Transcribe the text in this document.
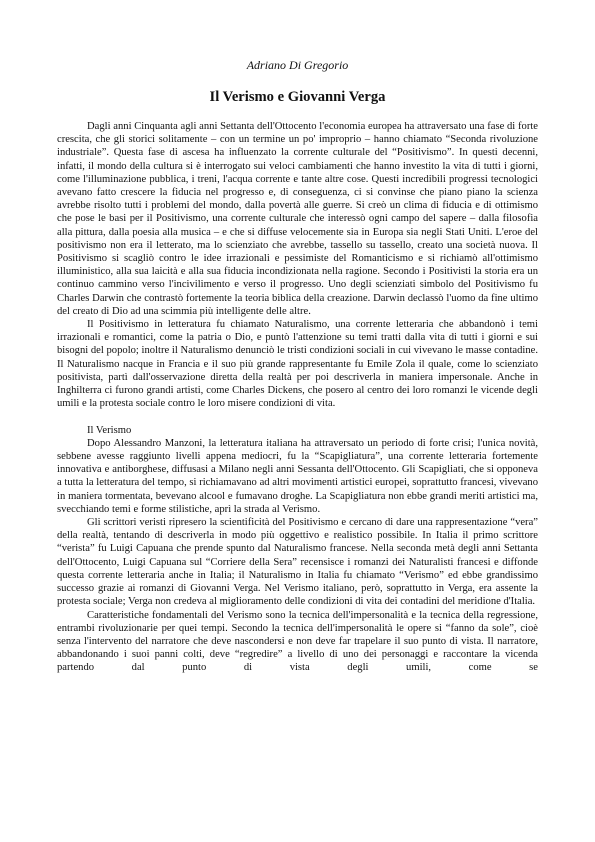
Adriano Di Gregorio

Il Verismo e Giovanni Verga

Dagli anni Cinquanta agli anni Settanta dell'Ottocento l'economia europea ha attraversato una fase di forte crescita, che gli storici solitamente – con un termine un po' improprio – hanno chiamato “Seconda rivoluzione industriale”. Questa fase di ascesa ha influenzato la corrente culturale del “Positivismo”. In questi decenni, infatti, il mondo della cultura si è interrogato sui veloci cambiamenti che hanno investito la vita di tutti i giorni, come l'illuminazione pubblica, i treni, l'acqua corrente e tante altre cose. Questi incredibili progressi tecnologici avevano fatto crescere la fiducia nel progresso e, di conseguenza, ci si convinse che piano piano la scienza avrebbe risolto tutti i problemi del mondo, dalla povertà alle guerre. Si creò un clima di fiducia e di ottimismo che pose le basi per il Positivismo, una corrente culturale che interessò ogni campo del sapere – dalla filosofia alla pittura, dalla poesia alla musica – e che si diffuse velocemente sia in Europa sia negli Stati Uniti. L'eroe del positivismo non era il letterato, ma lo scienziato che avrebbe, tassello su tassello, creato una società nuova. Il Positivismo si scagliò contro le idee irrazionali e pessimiste del Romanticismo e si richiamò all'ottimismo illuministico, alla sua laicità e alla sua fiducia incondizionata nella ragione. Secondo i Positivisti la storia era un continuo cammino verso l'incivilimento e verso il progresso. Uno degli scienziati simbolo del Positivismo fu Charles Darwin che contrastò fortemente la teoria biblica della creazione. Darwin declassò l'uomo da fine ultimo del creato di Dio ad una scimmia più intelligente delle altre.

Il Positivismo in letteratura fu chiamato Naturalismo, una corrente letteraria che abbandonò i temi irrazionali e romantici, come la patria o Dio, e puntò l'attenzione su temi tratti dalla vita di tutti i giorni e sui bisogni del popolo; inoltre il Naturalismo denunciò le tristi condizioni sociali in cui vivevano le masse contadine. Il Naturalismo nacque in Francia e il suo più grande rappresentante fu Emile Zola il quale, come lo scienziato positivista, partì dall'osservazione diretta della realtà per poi descriverla in maniera impersonale. Anche in Inghilterra ci furono grandi artisti, come Charles Dickens, che posero al centro dei loro romanzi le vicende degli umili e la protesta sociale contro le loro misere condizioni di vita.

Il Verismo

Dopo Alessandro Manzoni, la letteratura italiana ha attraversato un periodo di forte crisi; l'unica novità, sebbene avesse raggiunto livelli appena mediocri, fu la “Scapigliatura”, una corrente letteraria fortemente innovativa e antiborghese, diffusasi a Milano negli anni Sessanta dell'Ottocento. Gli Scapigliati, che si opponeva a tutta la letteratura del tempo, si richiamavano ad altri movimenti artistici europei, soprattutto francesi, vivevano in maniera tormentata, bevevano alcool e fumavano droghe. La Scapigliatura non ebbe grandi meriti artistici ma, svecchiando temi e forme stilistiche, aprì la strada al Verismo.

Gli scrittori veristi ripresero la scientificità del Positivismo e cercano di dare una rappresentazione “vera” della realtà, tentando di descriverla in modo più oggettivo e realistico possibile. In Italia il primo scrittore “verista” fu Luigi Capuana che prende spunto dal Naturalismo francese. Nella seconda metà degli anni Settanta dell'Ottocento, Luigi Capuana sul “Corriere della Sera” recensisce i romanzi dei Naturalisti francesi e diffonde questa corrente letteraria anche in Italia; il Naturalismo in Italia fu chiamato “Verismo” ed ebbe grandissimo successo grazie ai romanzi di Giovanni Verga. Nel Verismo italiano, però, soprattutto in Verga, era assente la protesta sociale; Verga non credeva al miglioramento delle condizioni di vita dei contadini del meridione d'Italia.

Caratteristiche fondamentali del Verismo sono la tecnica dell'impersonalità e la tecnica della regressione, entrambi rivoluzionarie per quei tempi. Secondo la tecnica dell'impersonalità le opere si “fanno da sole”, cioè senza l'intervento del narratore che deve nascondersi e non deve far trapelare il suo punto di vista. Il narratore, abbandonando i suoi panni colti, deve “regredire” a livello di uno dei personaggi e raccontare la vicenda partendo dal punto di vista degli umili, come se
